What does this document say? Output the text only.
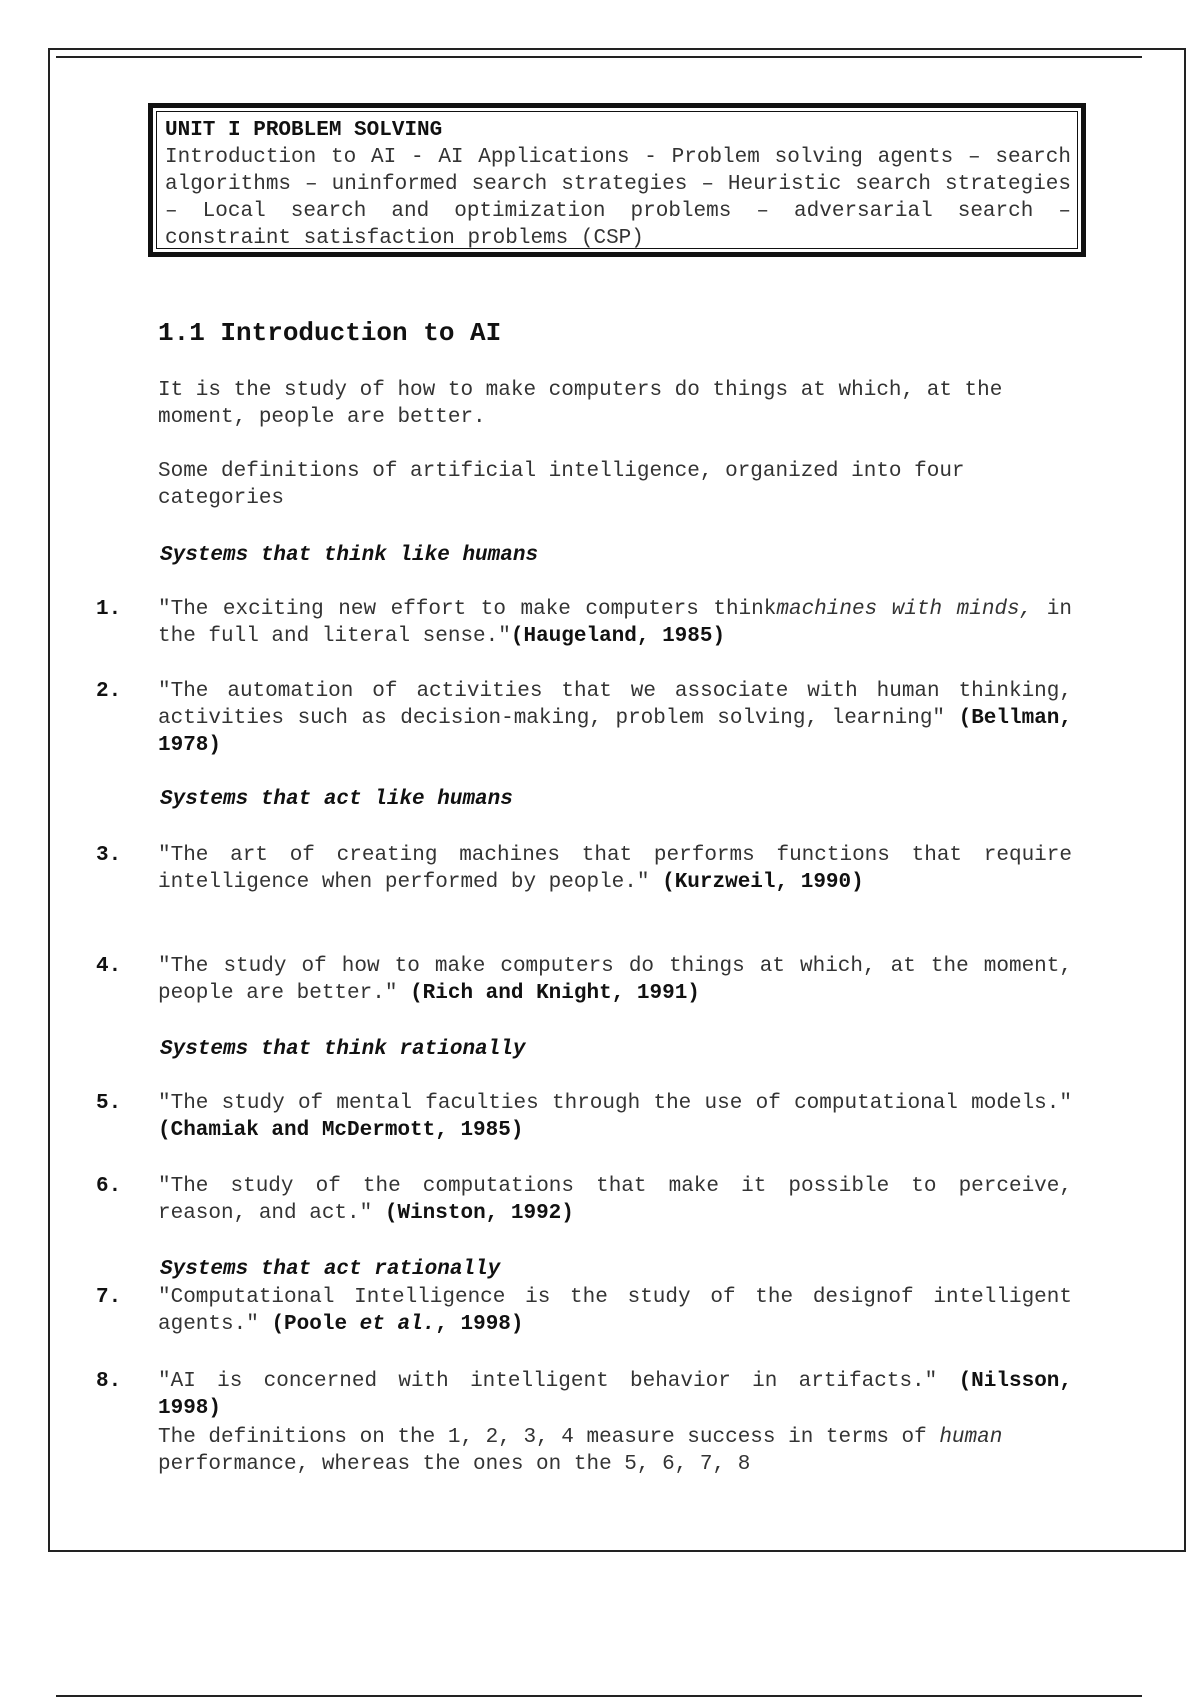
UNIT I PROBLEM SOLVING
Introduction to AI - AI Applications - Problem solving agents – search algorithms – uninformed search strategies – Heuristic search strategies – Local search and optimization problems – adversarial search – constraint satisfaction problems (CSP)
1.1 Introduction to AI

It is the study of how to make computers do things at which, at the moment, people are better.

Some definitions of artificial intelligence, organized into four categories

Systems that think like humans
1. "The exciting new effort to make computers thinkmachines with minds, in the full and literal sense."(Haugeland, 1985)
2. "The automation of activities that we associate with human thinking, activities such as decision-making, problem solving, learning" (Bellman, 1978)
Systems that act like humans
3. "The art of creating machines that performs functions that require intelligence when performed by people." (Kurzweil, 1990)
4. "The study of how to make computers do things at which, at the moment, people are better." (Rich and Knight, 1991)
Systems that think rationally
5. "The study of mental faculties through the use of computational models." (Chamiak and McDermott, 1985)
6. "The study of the computations that make it possible to perceive, reason, and act." (Winston, 1992)
Systems that act rationally
7. "Computational Intelligence is the study of the designof intelligent agents." (Poole et al., 1998)
8. "AI is concerned with intelligent behavior in artifacts." (Nilsson, 1998)

The definitions on the 1, 2, 3, 4 measure success in terms of human performance, whereas the ones on the 5, 6, 7, 8
